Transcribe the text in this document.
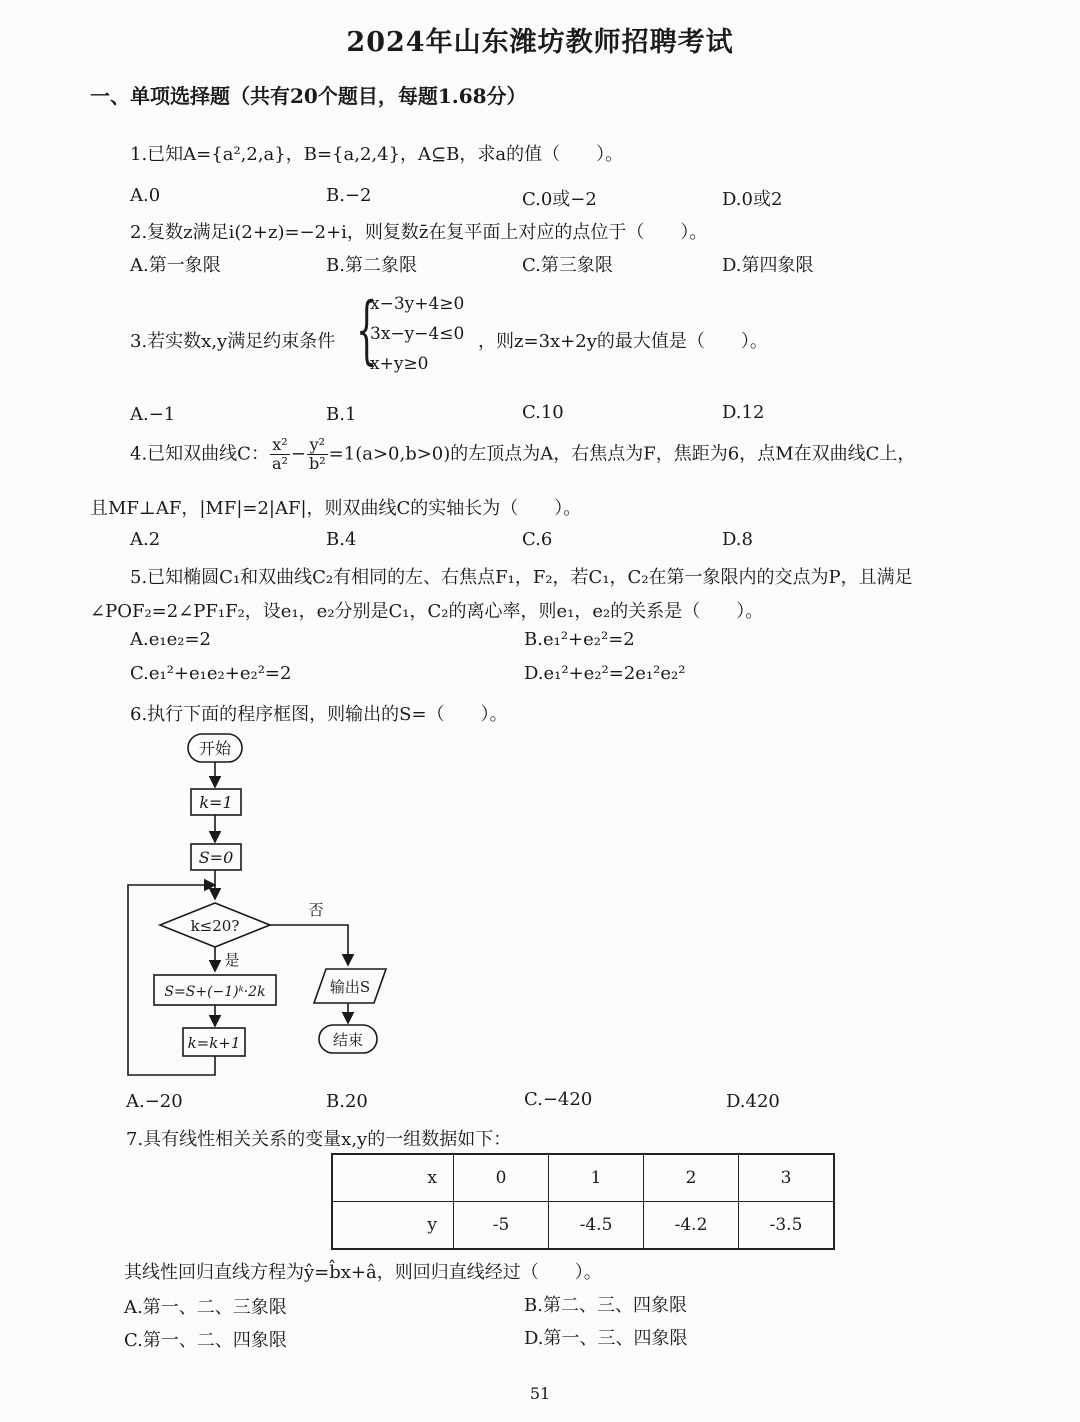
2024年山东潍坊教师招聘考试
一、单项选择题（共有20个题目，每题1.68分）
1.已知A={a²,2,a}，B={a,2,4}，A⊆B，求a的值（　　）。
A.0	B.−2	C.0或−2	D.0或2
2.复数z满足i(2+z)=−2+i，则复数z̄在复平面上对应的点位于（　　）。
A.第一象限	B.第二象限	C.第三象限	D.第四象限
3.若实数x,y满足约束条件 {
x−3y+4≥0
3x−y−4≤0
x+y≥0
，则z=3x+2y的最大值是（　　）。
A.−1	B.1	C.10	D.12
4.已知双曲线C： $\frac{\text{x²}}{\text{a²}} - \frac{\text{y²}}{\text{b²}} =1(a>0,b>0)$的左顶点为A，右焦点为F，焦距为6，点M在双曲线C上，
且MF⊥AF，|MF|=2|AF|，则双曲线C的实轴长为（　　）。
A.2	B.4	C.6	D.8
5.已知椭圆C₁和双曲线C₂有相同的左、右焦点F₁，F₂，若C₁，C₂在第一象限内的交点为P，且满足
∠POF₂=2∠PF₁F₂，设e₁，e₂分别是C₁，C₂的离心率，则e₁，e₂的关系是（　　）。
A.e₁e₂=2	B.e₁²+e₂²=2
C.e₁²+e₁e₂+e₂²=2	D.e₁²+e₂²=2e₁²e₂²
6.执行下面的程序框图，则输出的S=（　　）。
开始
k=1
S=0
k≤20?
否
是
S=S+(−1)ᵏ·2k
k=k+1
输出S
结束
A.−20	B.20	C.−420	D.420
7.具有线性相关关系的变量x,y的一组数据如下：
x	0	1	2	3
y	-5	-4.5	-4.2	-3.5
其线性回归直线方程为ŷ=b̂x+â，则回归直线经过（　　）。
A.第一、二、三象限	B.第二、三、四象限
C.第一、二、四象限	D.第一、三、四象限
51
